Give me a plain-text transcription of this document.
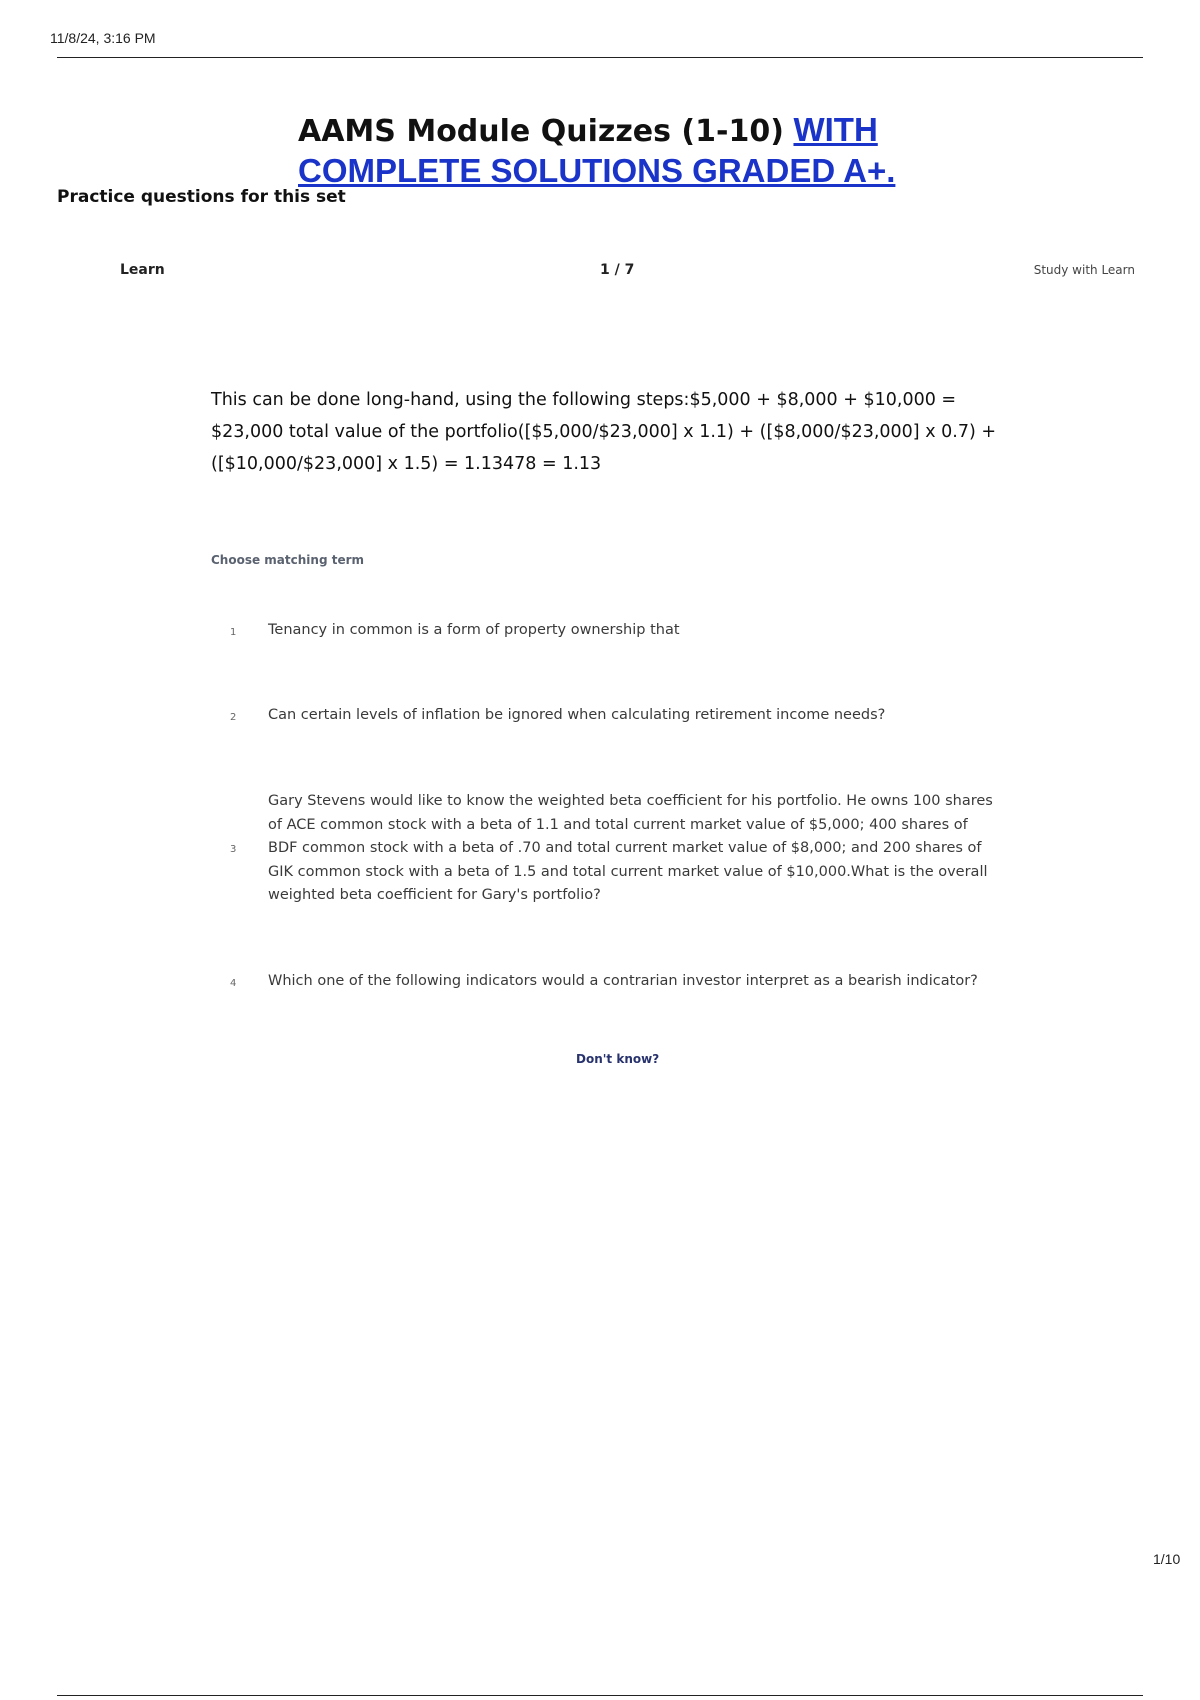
11/8/24, 3:16 PM
AAMS Module Quizzes (1-10) WITH COMPLETE SOLUTIONS GRADED A+.
Practice questions for this set
Learn	1 / 7	Study with Learn
This can be done long-hand, using the following steps:$5,000 + $8,000 + $10,000 = $23,000 total value of the portfolio([$5,000/$23,000] x 1.1) + ([$8,000/$23,000] x 0.7) + ([$10,000/$23,000] x 1.5) = 1.13478 = 1.13
Choose matching term
1 Tenancy in common is a form of property ownership that
2 Can certain levels of inflation be ignored when calculating retirement income needs?
3
Gary Stevens would like to know the weighted beta coefficient for his portfolio. He owns 100 shares of ACE common stock with a beta of 1.1 and total current market value of $5,000; 400 shares of BDF common stock with a beta of .70 and total current market value of $8,000; and 200 shares of GIK common stock with a beta of 1.5 and total current market value of $10,000.What is the overall weighted beta coefficient for Gary's portfolio?
4 Which one of the following indicators would a contrarian investor interpret as a bearish indicator?
Don't know?
1/10
